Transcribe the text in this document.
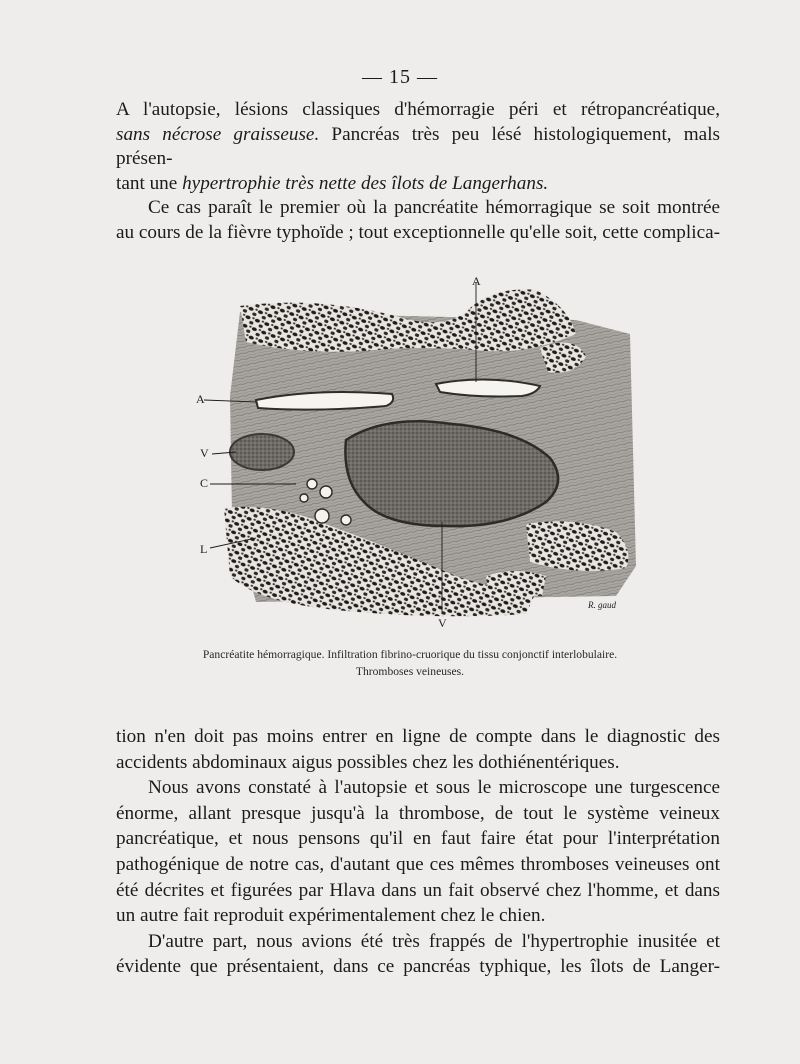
— 15 —

A l'autopsie, lésions classiques d'hémorragie péri et rétropancréatique,
sans nécrose graisseuse. Pancréas très peu lésé histologiquement, mals présen-
tant une hypertrophie très nette des îlots de Langerhans.

Ce cas paraît le premier où la pancréatite hémorragique se soit montrée
au cours de la fièvre typhoïde ; tout exceptionnelle qu'elle soit, cette complica-

A
A
V
C
L
V
R. gaud
Pancréatite hémorragique. Infiltration fibrino-cruorique du tissu conjonctif interlobulaire.
Thromboses veineuses.

tion n'en doit pas moins entrer en ligne de compte dans le diagnostic des
accidents abdominaux aigus possibles chez les dothiénentériques.

Nous avons constaté à l'autopsie et sous le microscope une turgescence
énorme, allant presque jusqu'à la thrombose, de tout le système veineux
pancréatique, et nous pensons qu'il en faut faire état pour l'interprétation
pathogénique de notre cas, d'autant que ces mêmes thromboses veineuses ont
été décrites et figurées par Hlava dans un fait observé chez l'homme, et dans
un autre fait reproduit expérimentalement chez le chien.

D'autre part, nous avions été très frappés de l'hypertrophie inusitée et
évidente que présentaient, dans ce pancréas typhique, les îlots de Langer-
